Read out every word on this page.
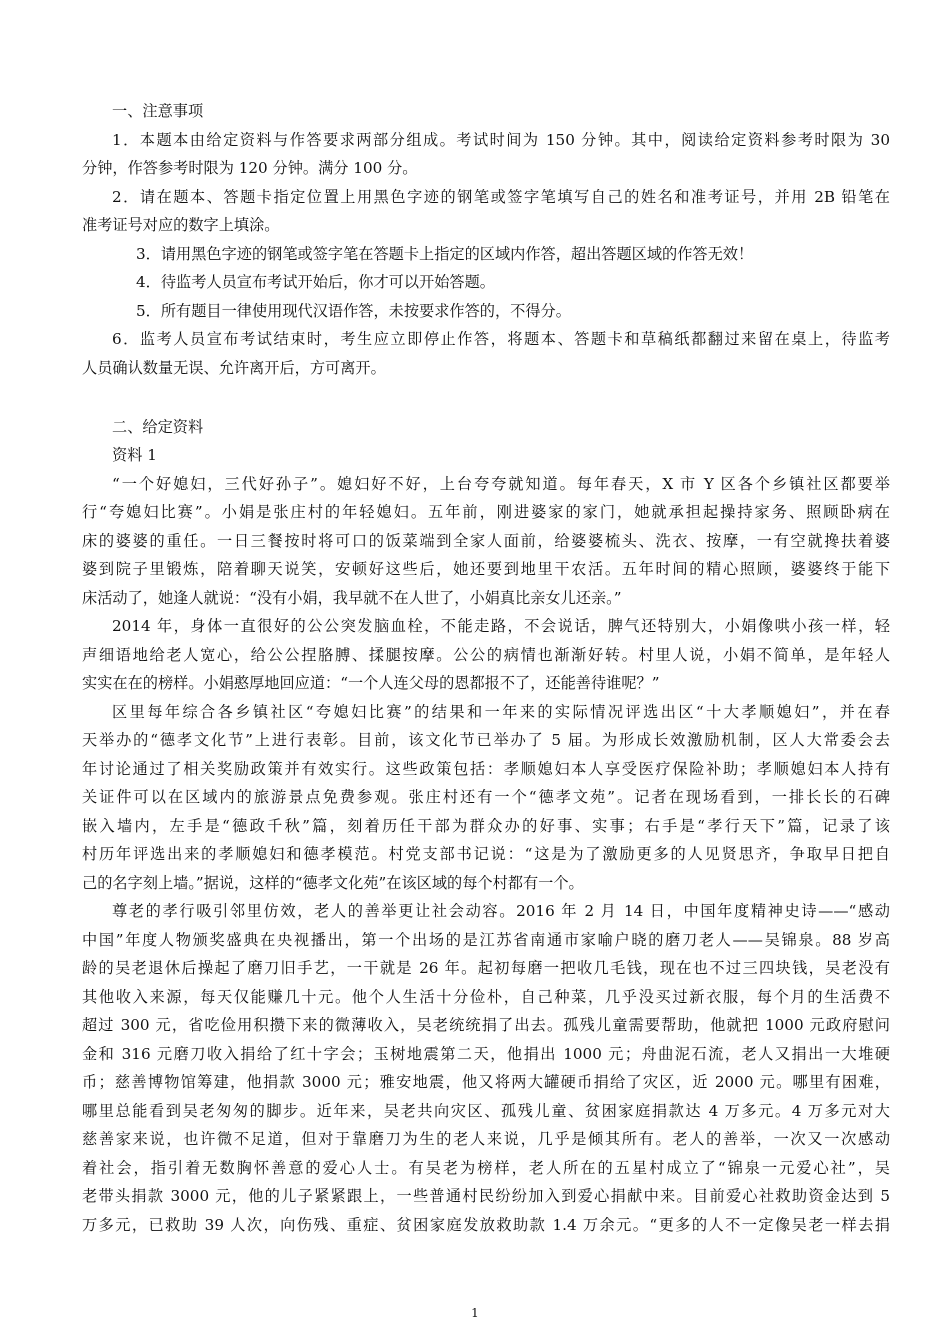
一、注意事项
1．本题本由给定资料与作答要求两部分组成。考试时间为 150 分钟。其中，阅读给定资料参考时限为 30
分钟，作答参考时限为 120 分钟。满分 100 分。
2．请在题本、答题卡指定位置上用黑色字迹的钢笔或签字笔填写自己的姓名和准考证号，并用 2B 铅笔在
准考证号对应的数字上填涂。
3．请用黑色字迹的钢笔或签字笔在答题卡上指定的区域内作答，超出答题区域的作答无效！
4．待监考人员宣布考试开始后，你才可以开始答题。
5．所有题目一律使用现代汉语作答，未按要求作答的，不得分。
6．监考人员宣布考试结束时，考生应立即停止作答，将题本、答题卡和草稿纸都翻过来留在桌上，待监考
人员确认数量无误、允许离开后，方可离开。
二、给定资料
资料 1
“一个好媳妇，三代好孙子”。媳妇好不好，上台夸夸就知道。每年春天，X 市 Y 区各个乡镇社区都要举
行“夸媳妇比赛”。小娟是张庄村的年轻媳妇。五年前，刚进婆家的家门，她就承担起操持家务、照顾卧病在
床的婆婆的重任。一日三餐按时将可口的饭菜端到全家人面前，给婆婆梳头、洗衣、按摩，一有空就搀扶着婆
婆到院子里锻炼，陪着聊天说笑，安顿好这些后，她还要到地里干农活。五年时间的精心照顾，婆婆终于能下
床活动了，她逢人就说：“没有小娟，我早就不在人世了，小娟真比亲女儿还亲。”
2014 年，身体一直很好的公公突发脑血栓，不能走路，不会说话，脾气还特别大，小娟像哄小孩一样，轻
声细语地给老人宽心，给公公捏胳膊、揉腿按摩。公公的病情也渐渐好转。村里人说，小娟不简单，是年轻人
实实在在的榜样。小娟憨厚地回应道：“一个人连父母的恩都报不了，还能善待谁呢？”
区里每年综合各乡镇社区“夸媳妇比赛”的结果和一年来的实际情况评选出区“十大孝顺媳妇”，并在春
天举办的“德孝文化节”上进行表彰。目前，该文化节已举办了 5 届。为形成长效激励机制，区人大常委会去
年讨论通过了相关奖励政策并有效实行。这些政策包括：孝顺媳妇本人享受医疗保险补助；孝顺媳妇本人持有
关证件可以在区域内的旅游景点免费参观。张庄村还有一个“德孝文苑”。记者在现场看到，一排长长的石碑
嵌入墙内，左手是“德政千秋”篇，刻着历任干部为群众办的好事、实事；右手是“孝行天下”篇，记录了该
村历年评选出来的孝顺媳妇和德孝模范。村党支部书记说：“这是为了激励更多的人见贤思齐，争取早日把自
己的名字刻上墙。”据说，这样的“德孝文化苑”在该区域的每个村都有一个。
尊老的孝行吸引邻里仿效，老人的善举更让社会动容。2016 年 2 月 14 日，中国年度精神史诗——“感动
中国”年度人物颁奖盛典在央视播出，第一个出场的是江苏省南通市家喻户晓的磨刀老人——吴锦泉。88 岁高
龄的吴老退休后操起了磨刀旧手艺，一干就是 26 年。起初每磨一把收几毛钱，现在也不过三四块钱，吴老没有
其他收入来源，每天仅能赚几十元。他个人生活十分俭朴，自己种菜，几乎没买过新衣服，每个月的生活费不
超过 300 元，省吃俭用积攒下来的微薄收入，吴老统统捐了出去。孤残儿童需要帮助，他就把 1000 元政府慰问
金和 316 元磨刀收入捐给了红十字会；玉树地震第二天，他捐出 1000 元；舟曲泥石流，老人又捐出一大堆硬
币；慈善博物馆筹建，他捐款 3000 元；雅安地震，他又将两大罐硬币捐给了灾区，近 2000 元。哪里有困难，
哪里总能看到吴老匆匆的脚步。近年来，吴老共向灾区、孤残儿童、贫困家庭捐款达 4 万多元。4 万多元对大
慈善家来说，也许微不足道，但对于靠磨刀为生的老人来说，几乎是倾其所有。老人的善举，一次又一次感动
着社会，指引着无数胸怀善意的爱心人士。有吴老为榜样，老人所在的五星村成立了“锦泉一元爱心社”，吴
老带头捐款 3000 元，他的儿子紧紧跟上，一些普通村民纷纷加入到爱心捐献中来。目前爱心社救助资金达到 5
万多元，已救助 39 人次，向伤残、重症、贫困家庭发放救助款 1.4 万余元。“更多的人不一定像吴老一样去捐
1
